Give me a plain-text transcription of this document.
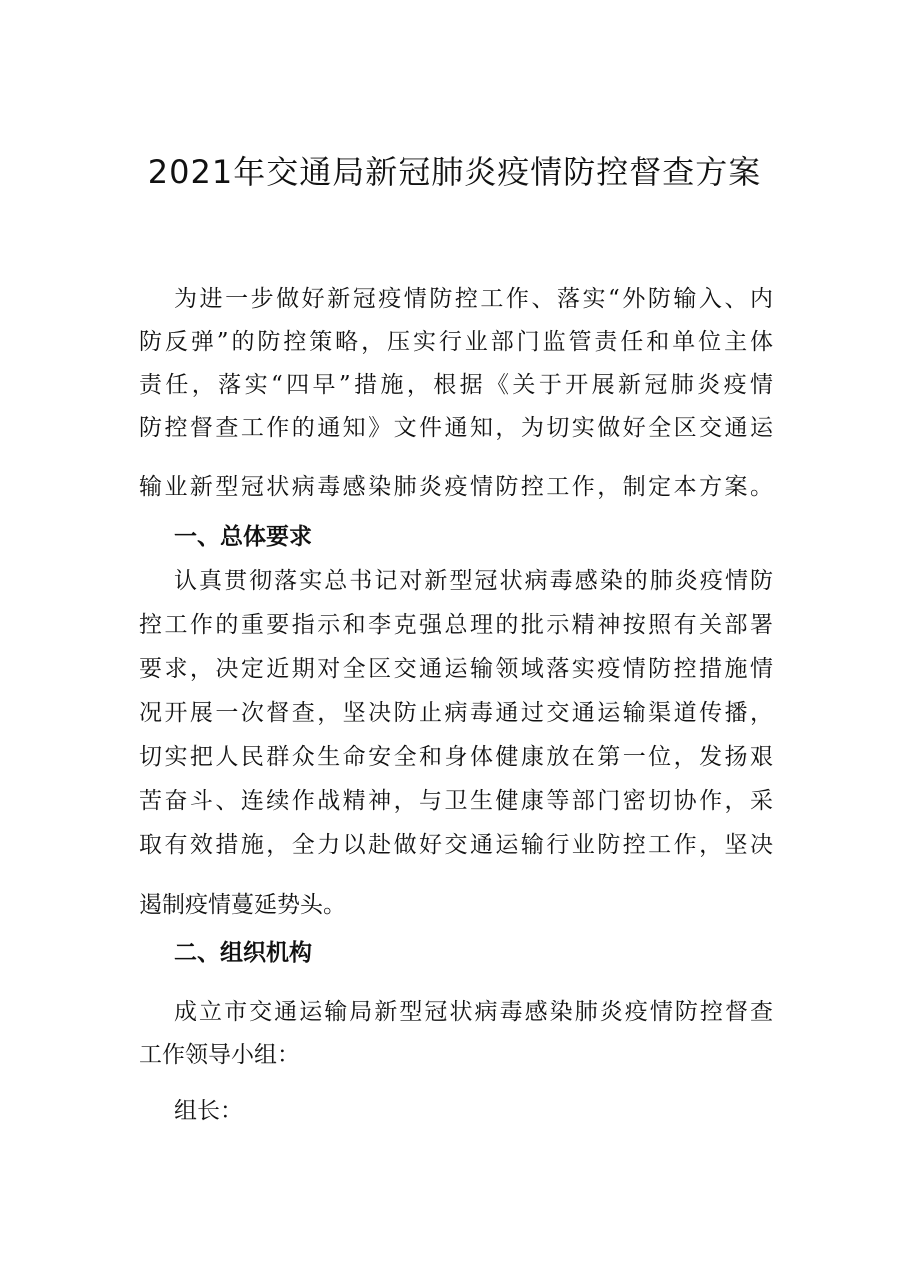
2021年交通局新冠肺炎疫情防控督查方案

为进一步做好新冠疫情防控工作、落实“外防输入、内

防反弹”的防控策略，压实行业部门监管责任和单位主体

责任，落实“四早”措施，根据《关于开展新冠肺炎疫情

防控督查工作的通知》文件通知，为切实做好全区交通运

输业新型冠状病毒感染肺炎疫情防控工作，制定本方案。

一、总体要求

认真贯彻落实总书记对新型冠状病毒感染的肺炎疫情防

控工作的重要指示和李克强总理的批示精神按照有关部署

要求，决定近期对全区交通运输领域落实疫情防控措施情

况开展一次督查，坚决防止病毒通过交通运输渠道传播，

切实把人民群众生命安全和身体健康放在第一位，发扬艰

苦奋斗、连续作战精神，与卫生健康等部门密切协作，采

取有效措施，全力以赴做好交通运输行业防控工作，坚决

遏制疫情蔓延势头。

二、组织机构

成立市交通运输局新型冠状病毒感染肺炎疫情防控督查

工作领导小组：

组长：
